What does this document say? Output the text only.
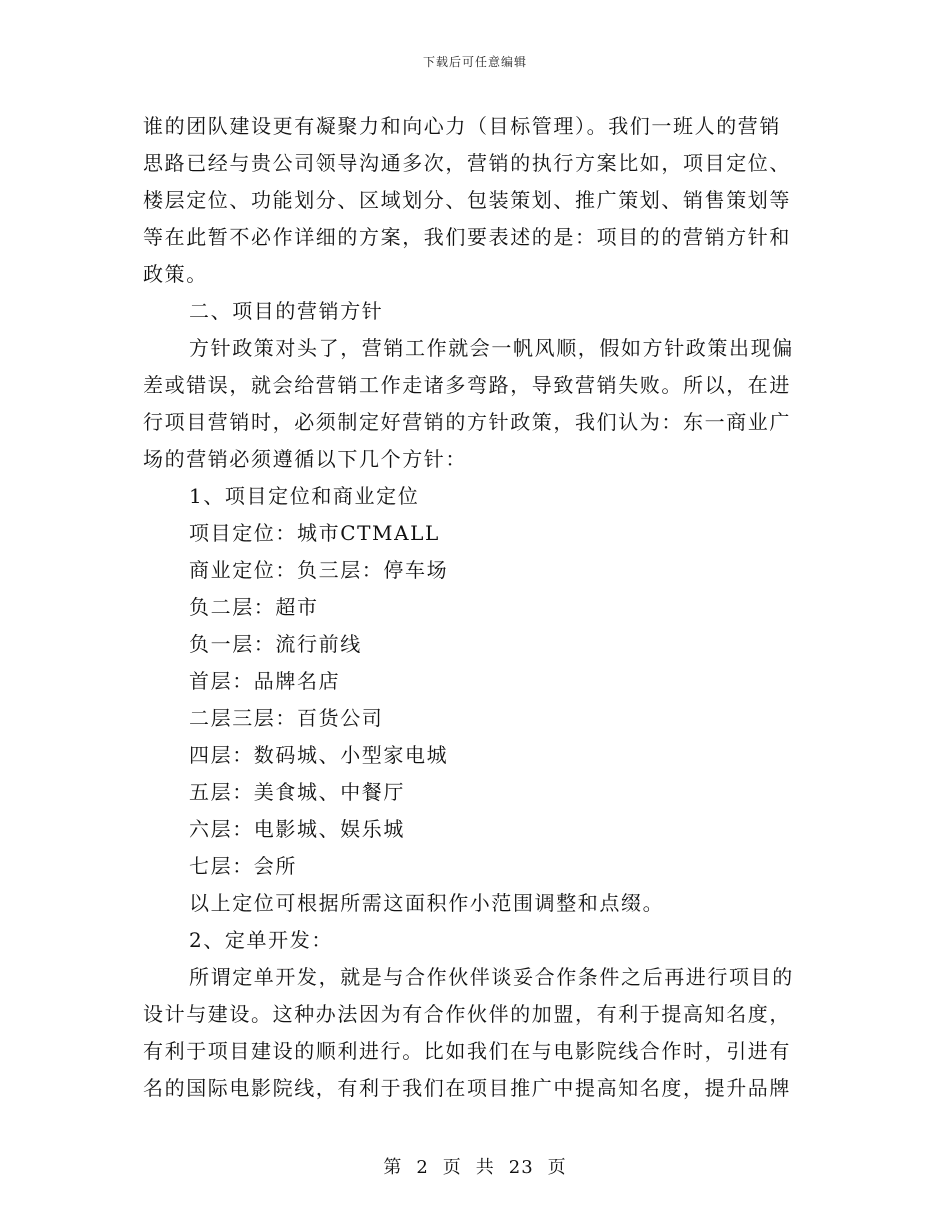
下载后可任意编辑
谁的团队建设更有凝聚力和向心力（目标管理）。我们一班人的营销
思路已经与贵公司领导沟通多次，营销的执行方案比如，项目定位、
楼层定位、功能划分、区域划分、包装策划、推广策划、销售策划等
等在此暂不必作详细的方案，我们要表述的是：项目的的营销方针和
政策。
二、项目的营销方针
方针政策对头了，营销工作就会一帆风顺，假如方针政策出现偏
差或错误，就会给营销工作走诸多弯路，导致营销失败。所以，在进
行项目营销时，必须制定好营销的方针政策，我们认为：东一商业广
场的营销必须遵循以下几个方针：
1、项目定位和商业定位
项目定位：城市CTMALL
商业定位：负三层：停车场
负二层：超市
负一层：流行前线
首层：品牌名店
二层三层：百货公司
四层：数码城、小型家电城
五层：美食城、中餐厅
六层：电影城、娱乐城
七层：会所
以上定位可根据所需这面积作小范围调整和点缀。
2、定单开发：
所谓定单开发，就是与合作伙伴谈妥合作条件之后再进行项目的
设计与建设。这种办法因为有合作伙伴的加盟，有利于提高知名度，
有利于项目建设的顺利进行。比如我们在与电影院线合作时，引进有
名的国际电影院线，有利于我们在项目推广中提高知名度，提升品牌
第 2 页 共 23 页
